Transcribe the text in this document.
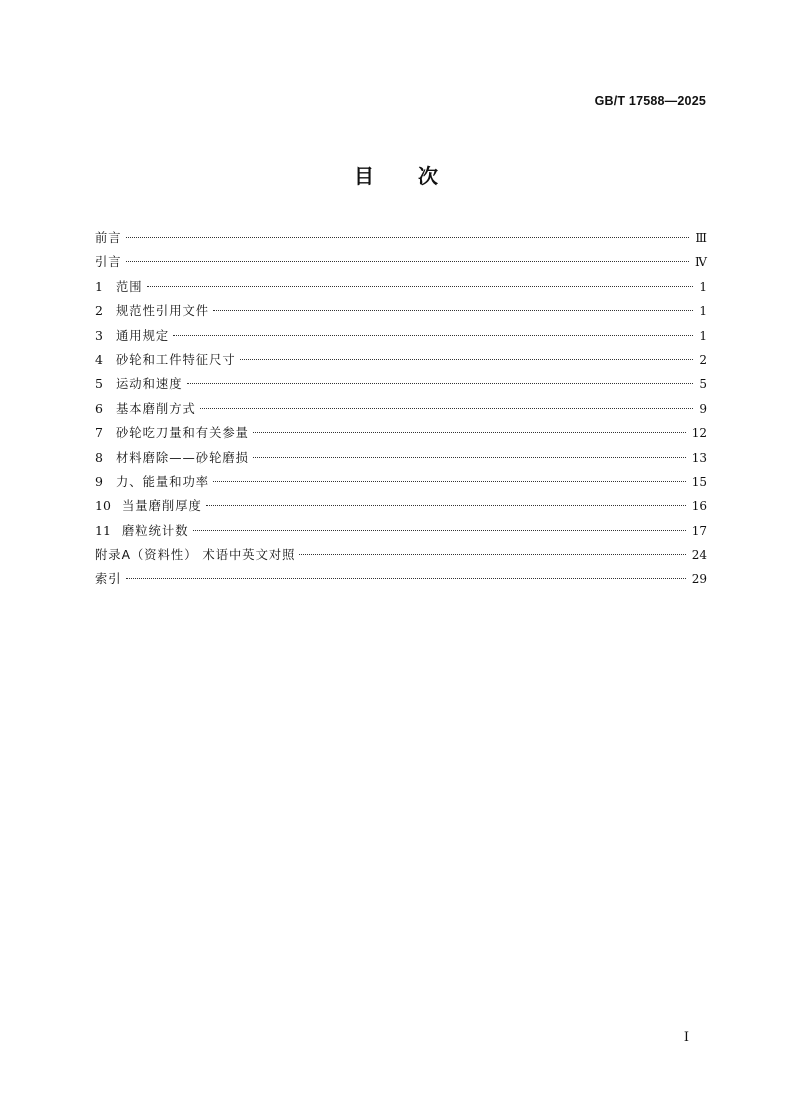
GB/T 17588—2025
目 次
前言	Ⅲ
引言	Ⅳ
1	范围	1
2	规范性引用文件	1
3	通用规定	1
4	砂轮和工件特征尺寸	2
5	运动和速度	5
6	基本磨削方式	9
7	砂轮吃刀量和有关参量	12
8	材料磨除——砂轮磨损	13
9	力、能量和功率	15
10 当量磨削厚度	16
11 磨粒统计数	17
附录A（资料性） 术语中英文对照	24
索引	29
I
